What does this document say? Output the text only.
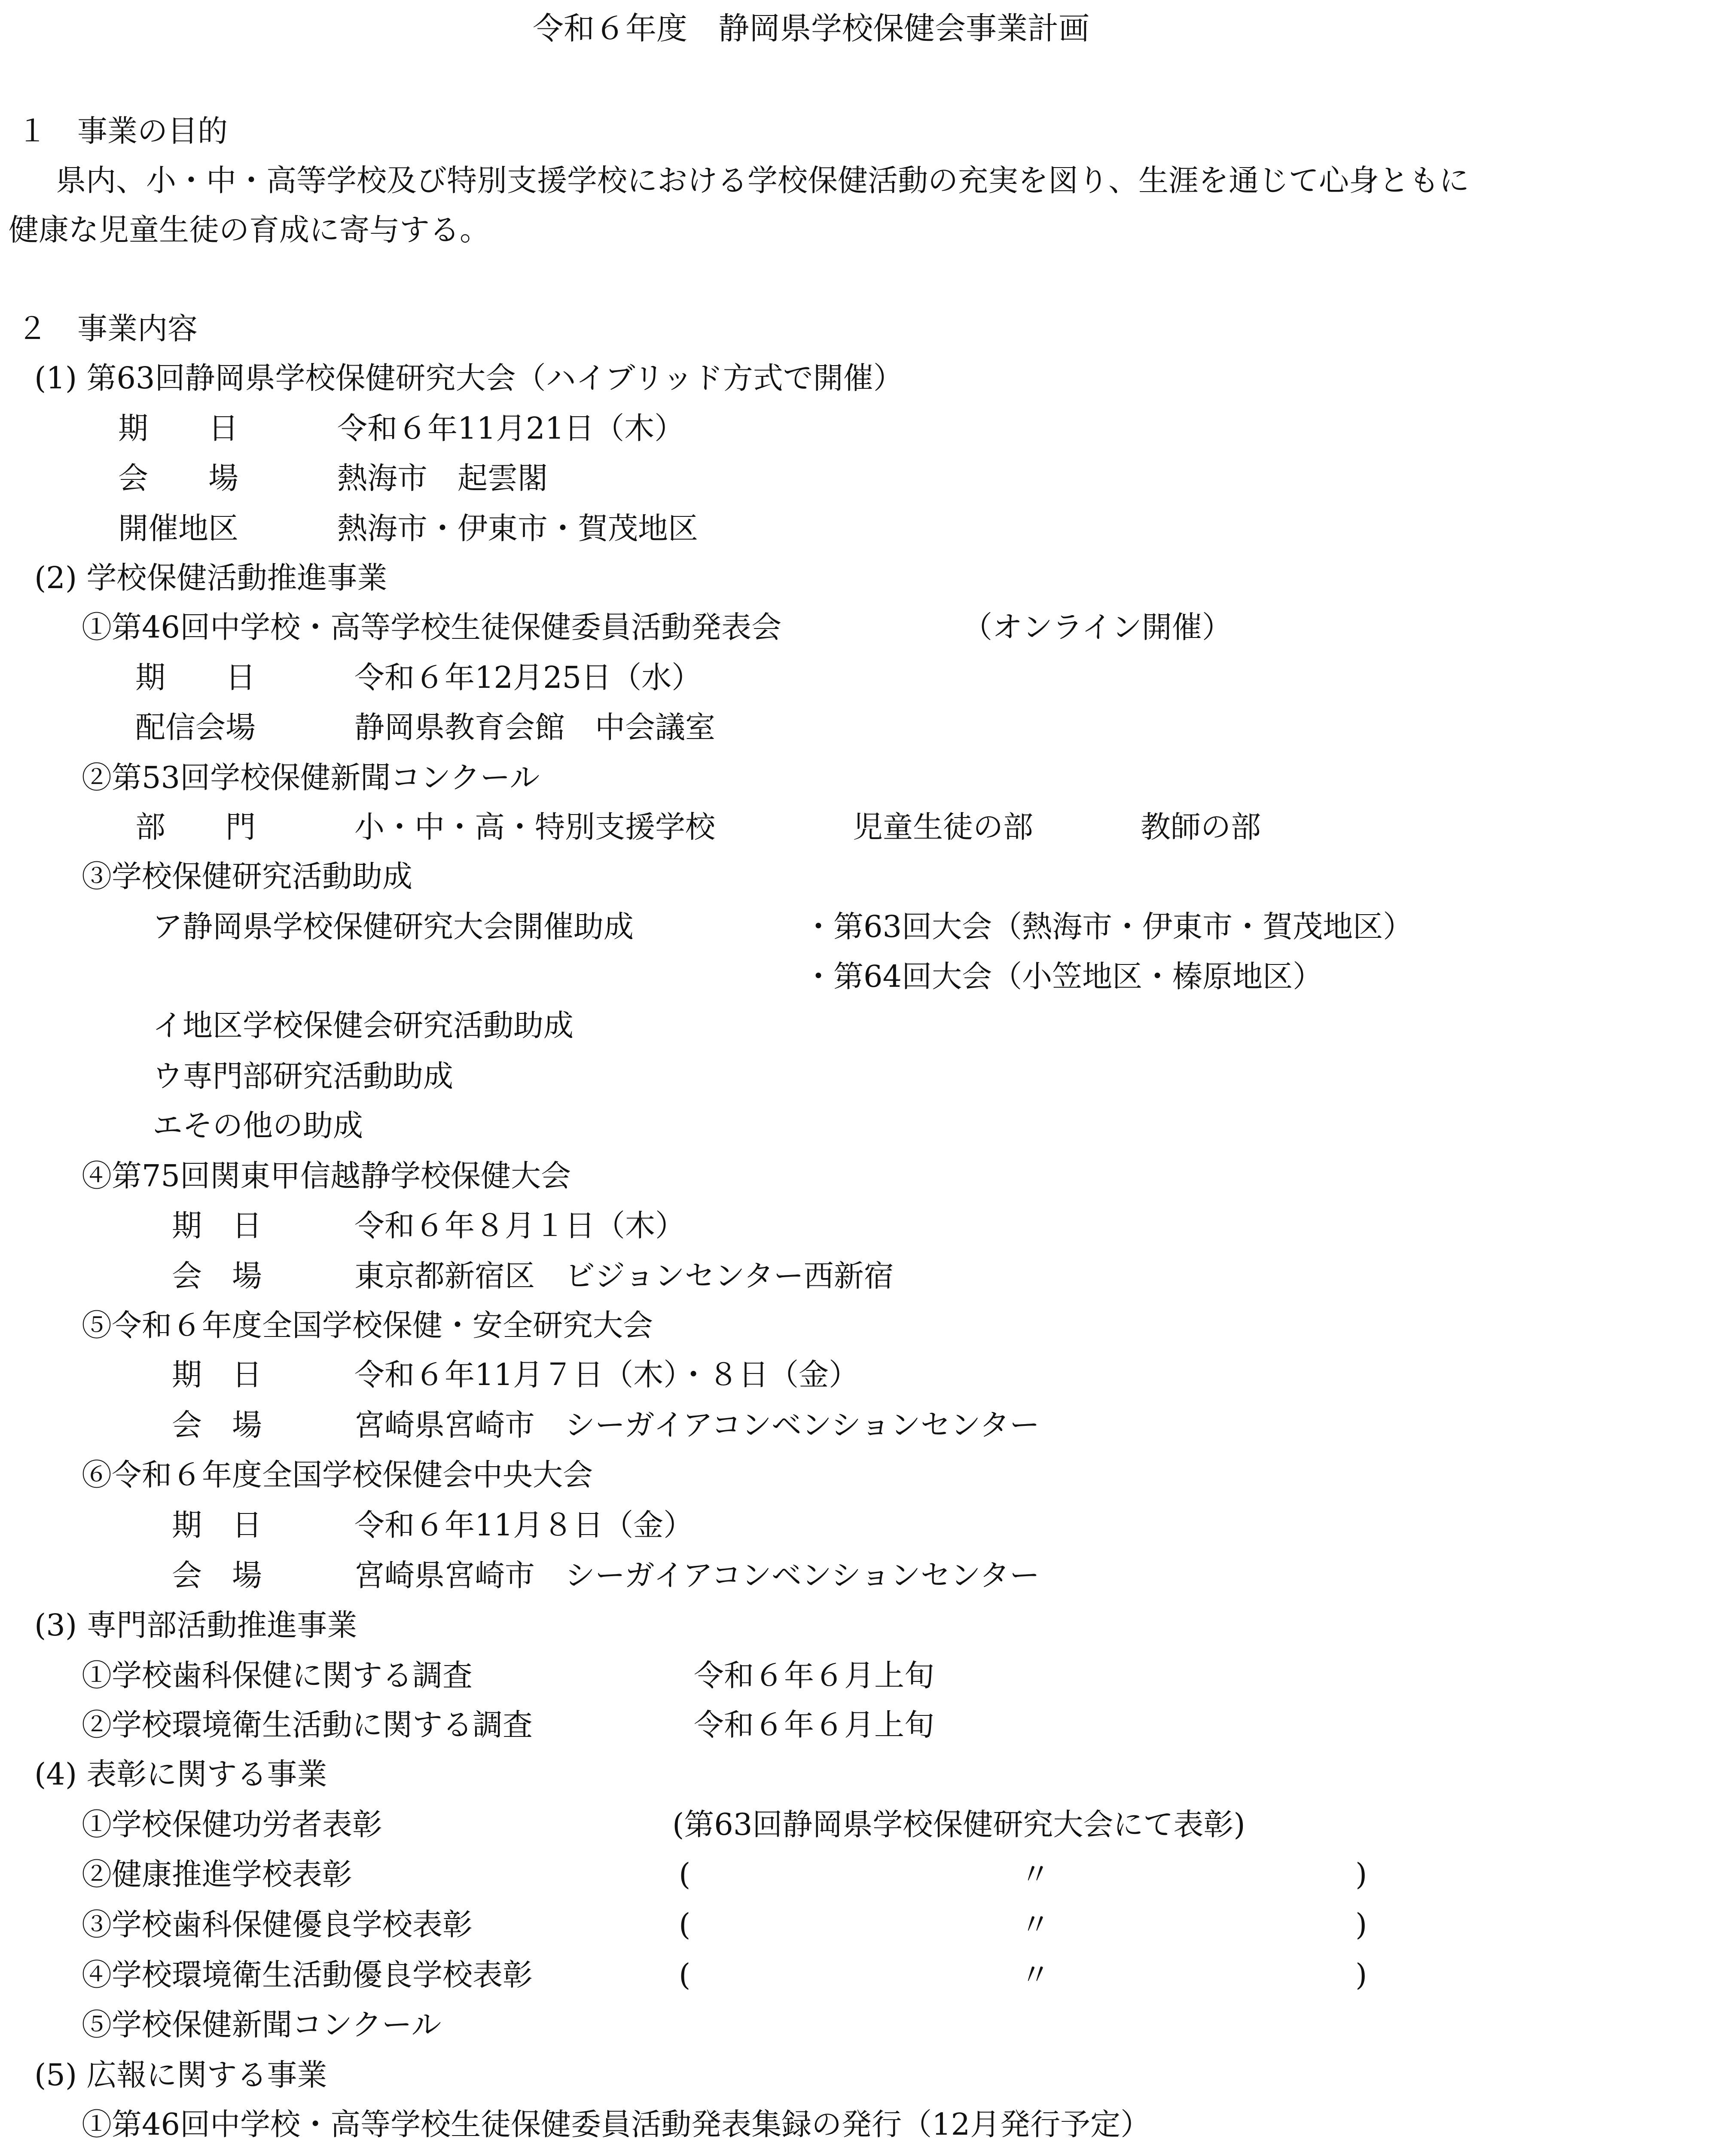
令和６年度　静岡県学校保健会事業計画
１　事業の目的
県内、小・中・高等学校及び特別支援学校における学校保健活動の充実を図り、生涯を通じて心身ともに
健康な児童生徒の育成に寄与する。
２　事業内容
(1) 第63回静岡県学校保健研究大会（ハイブリッド方式で開催）
期　　日	令和６年11月21日（木）
会　　場	熱海市　起雲閣
開催地区	熱海市・伊東市・賀茂地区
(2) 学校保健活動推進事業
①第46回中学校・高等学校生徒保健委員活動発表会	（オンライン開催）
期　　日	令和６年12月25日（水）
配信会場	静岡県教育会館　中会議室
②第53回学校保健新聞コンクール
部　　門	小・中・高・特別支援学校	児童生徒の部	教師の部
③学校保健研究活動助成
ア静岡県学校保健研究大会開催助成	・第63回大会（熱海市・伊東市・賀茂地区）
・第64回大会（小笠地区・榛原地区）
イ地区学校保健会研究活動助成
ウ専門部研究活動助成
エその他の助成
④第75回関東甲信越静学校保健大会
期　日	令和６年８月１日（木）
会　場	東京都新宿区　ビジョンセンター西新宿
⑤令和６年度全国学校保健・安全研究大会
期　日	令和６年11月７日（木）・８日（金）
会　場	宮崎県宮崎市　シーガイアコンベンションセンター
⑥令和６年度全国学校保健会中央大会
期　日	令和６年11月８日（金）
会　場	宮崎県宮崎市　シーガイアコンベンションセンター
(3) 専門部活動推進事業
①学校歯科保健に関する調査	令和６年６月上旬
②学校環境衛生活動に関する調査	令和６年６月上旬
(4) 表彰に関する事業
①学校保健功労者表彰	(第63回静岡県学校保健研究大会にて表彰)
②健康推進学校表彰	(	〃	)
③学校歯科保健優良学校表彰	(	〃	)
④学校環境衛生活動優良学校表彰	(	〃	)
⑤学校保健新聞コンクール
(5) 広報に関する事業
①第46回中学校・高等学校生徒保健委員活動発表集録の発行（12月発行予定）
